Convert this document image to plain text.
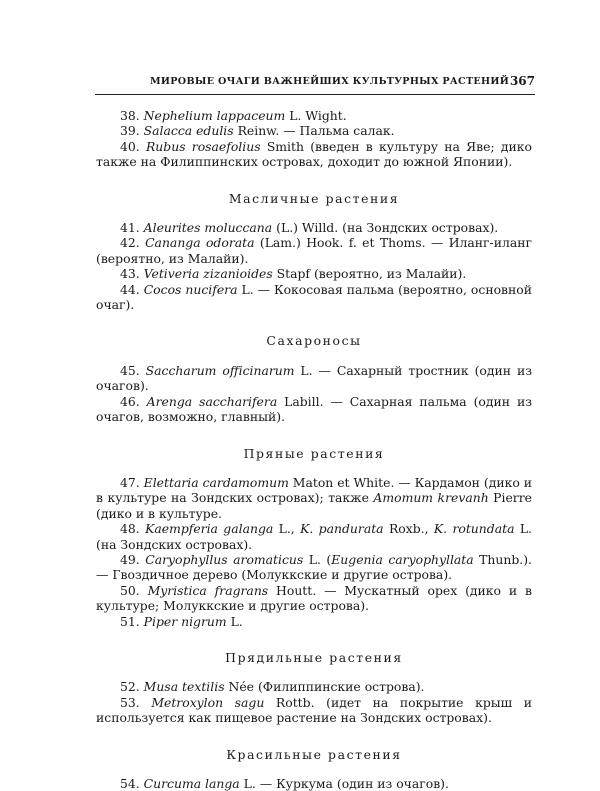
МИРОВЫЕ ОЧАГИ ВАЖНЕЙШИХ КУЛЬТУРНЫХ РАСТЕНИЙ 367

38. Nephelium lappaceum L. Wight.

39. Salacca edulis Reinw. — Пальма салак.

40. Rubus rosaefolius Smith (введен в культуру на Яве; дико также на Филиппинских островах, доходит до южной Японии).

Масличные растения

41. Aleurites moluccana (L.) Willd. (на Зондских островах).

42. Cananga odorata (Lam.) Hook. f. et Thoms. — Иланг-иланг (вероятно, из Малайи).

43. Vetiveria zizanioides Stapf (вероятно, из Малайи).

44. Cocos nucifera L. — Кокосовая пальма (вероятно, основной очаг).

Сахароносы

45. Saccharum officinarum L. — Сахарный тростник (один из очагов).

46. Arenga saccharifera Labill. — Сахарная пальма (один из очагов, возможно, главный).

Пряные растения

47. Elettaria cardamomum Maton et White. — Кардамон (дико и в культуре на Зондских островах); также Amomum krevanh Pierre (дико и в культуре.

48. Kaempferia galanga L., K. pandurata Roxb., K. rotundata L. (на Зондских островах).

49. Caryophyllus aromaticus L. (Eugenia caryophyllata Thunb.). — Гвоздичное дерево (Молуккские и другие острова).

50. Myristica fragrans Houtt. — Мускатный орех (дико и в культуре; Молуккские и другие острова).

51. Piper nigrum L.

Прядильные растения

52. Musa textilis Née (Филиппинские острова).

53. Metroxylon sagu Rottb. (идет на покрытие крыш и используется как пищевое растение на Зондских островах).

Красильные растения

54. Curcuma langa L. — Куркума (один из очагов).
